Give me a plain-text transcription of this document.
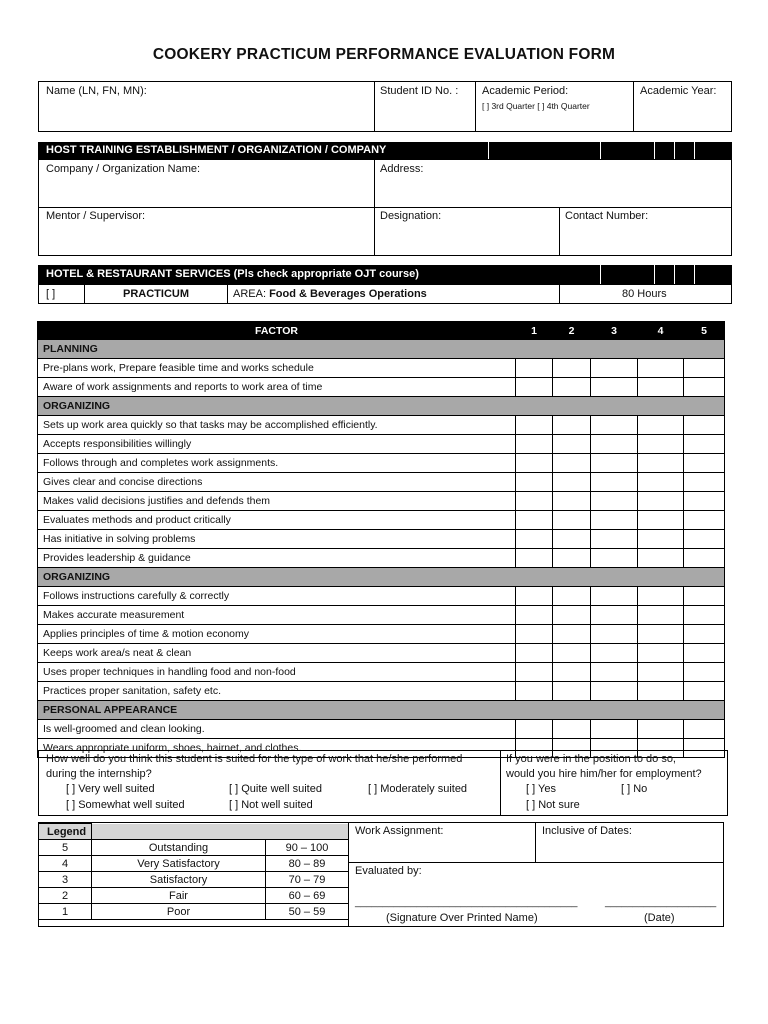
COOKERY PRACTICUM PERFORMANCE EVALUATION FORM
Name (LN, FN, MN):	Student ID No. : Academic Period:
[ ] 3rd Quarter [ ] 4th Quarter
Academic Year:
HOST TRAINING ESTABLISHMENT / ORGANIZATION / COMPANY
Company / Organization Name:	Address:
Mentor / Supervisor:	Designation:	Contact Number:
HOTEL & RESTAURANT SERVICES (Pls check appropriate OJT course)
[ ]	PRACTICUM	AREA: Food & Beverages Operations	80 Hours
FACTOR	1	2	3	4	5
PLANNING					
Pre-plans work, Prepare feasible time and works schedule					
Aware of work assignments and reports to work area of time					
ORGANIZING					
Sets up work area quickly so that tasks may be accomplished efficiently.					
Accepts responsibilities willingly					
Follows through and completes work assignments.					
Gives clear and concise directions					
Makes valid decisions justifies and defends them					
Evaluates methods and product critically					
Has initiative in solving problems					
Provides leadership & guidance					
ORGANIZING					
Follows instructions carefully & correctly					
Makes accurate measurement					
Applies principles of time & motion economy					
Keeps work area/s neat & clean					
Uses proper techniques in handling food and non-food					
Practices proper sanitation, safety etc.					
PERSONAL APPEARANCE					
Is well-groomed and clean looking.					
Wears appropriate uniform, shoes, hairnet, and clothes.					
How well do you think this student is suited for the type of work that he/she performed
during the internship?
[ ] Very well suited	[ ] Quite well suited	[ ] Moderately suited
[ ] Somewhat well suited	[ ] Not well suited
If you were in the position to do so,
would you hire him/her for employment?
[ ] Yes	[ ] No
[ ] Not sure
Legend		
5	Outstanding	90 – 100
4	Very Satisfactory	80 – 89
3	Satisfactory	70 – 79
2	Fair	60 – 69
1	Poor	50 – 59
Work Assignment:	Inclusive of Dates:
Evaluated by:
________________________________________	____________________
(Signature Over Printed Name)	(Date)
